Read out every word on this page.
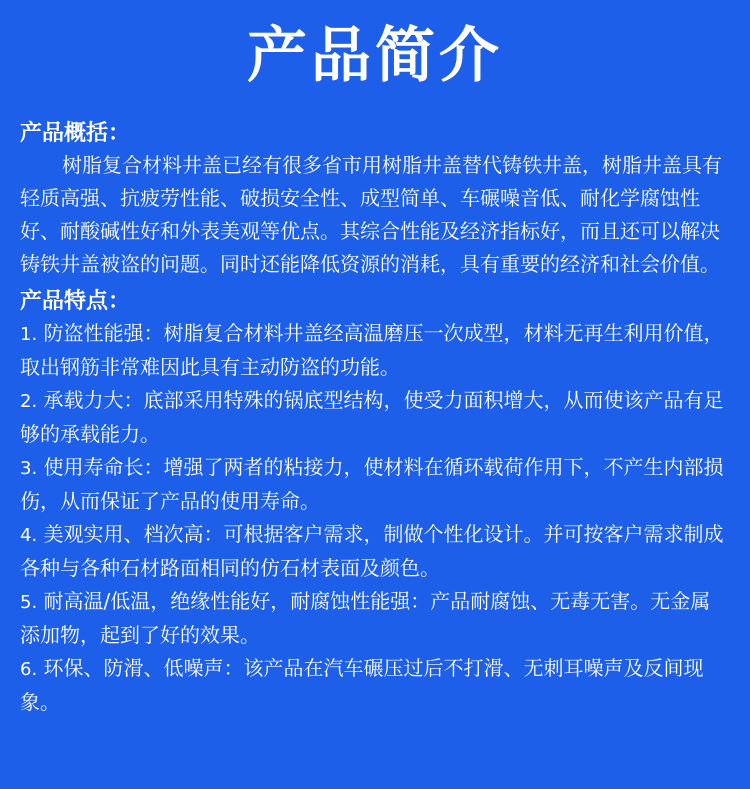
产品简介
产品概括：

树脂复合材料井盖已经有很多省市用树脂井盖替代铸铁井盖，树脂井盖具有轻质高强、抗疲劳性能、破损安全性、成型简单、车碾噪音低、耐化学腐蚀性好、耐酸碱性好和外表美观等优点。其综合性能及经济指标好，而且还可以解决铸铁井盖被盗的问题。同时还能降低资源的消耗，具有重要的经济和社会价值。

产品特点：
1. 防盗性能强：树脂复合材料井盖经高温磨压一次成型，材料无再生利用价值，取出钢筋非常难因此具有主动防盗的功能。
2. 承载力大：底部采用特殊的锅底型结构，使受力面积增大，从而使该产品有足够的承载能力。
3. 使用寿命长：增强了两者的粘接力，使材料在循环载荷作用下，不产生内部损伤，从而保证了产品的使用寿命。
4. 美观实用、档次高：可根据客户需求，制做个性化设计。并可按客户需求制成各种与各种石材路面相同的仿石材表面及颜色。
5. 耐高温/低温，绝缘性能好，耐腐蚀性能强：产品耐腐蚀、无毒无害。无金属添加物，起到了好的效果。
6. 环保、防滑、低噪声：该产品在汽车碾压过后不打滑、无刺耳噪声及反间现象。
